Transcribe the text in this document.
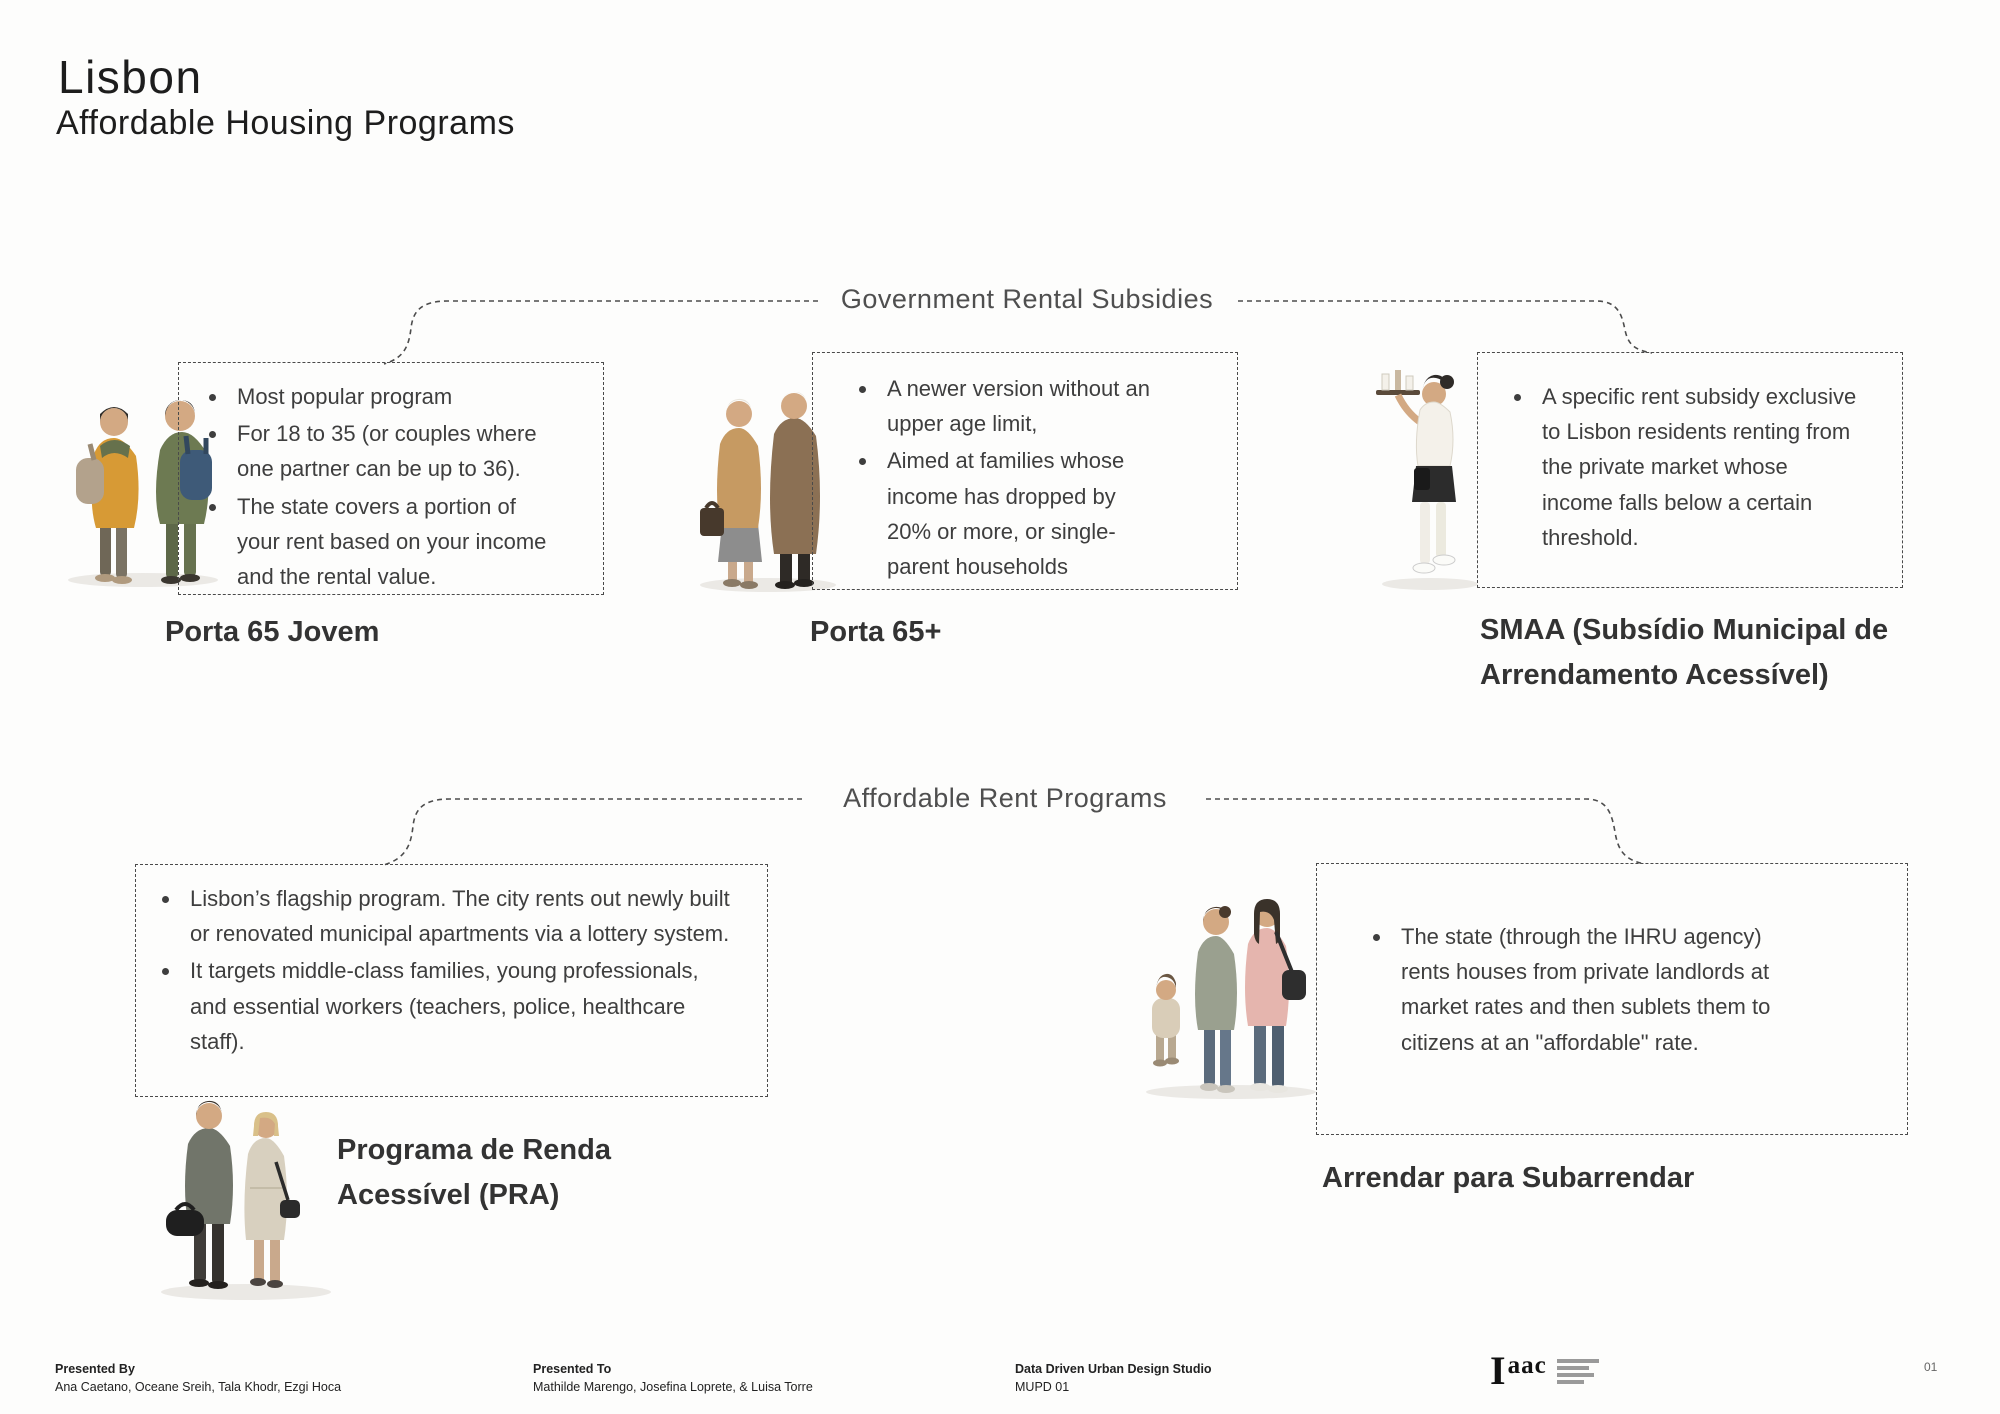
Lisbon
Affordable Housing Programs
Government Rental Subsidies
Affordable Rent Programs
• Most popular program
• For 18 to 35 (or couples where one partner can be up to 36).
• The state covers a portion of your rent based on your income and the rental value.
Porta 65 Jovem
• A newer version without an upper age limit,
• Aimed at families whose income has dropped by 20% or more, or single-parent households
Porta 65+
• A specific rent subsidy exclusive to Lisbon residents renting from the private market whose income falls below a certain threshold.
SMAA (Subsídio Municipal de Arrendamento Acessível)
• Lisbon’s flagship program. The city rents out newly built or renovated municipal apartments via a lottery system.
• It targets middle-class families, young professionals, and essential workers (teachers, police, healthcare staff).
Programa de Renda Acessível (PRA)
• The state (through the IHRU agency) rents houses from private landlords at market rates and then sublets them to citizens at an "affordable" rate.
Arrendar para Subarrendar
Presented By
Ana Caetano, Oceane Sreih, Tala Khodr, Ezgi Hoca
Presented To
Mathilde Marengo, Josefina Loprete, & Luisa Torre
Data Driven Urban Design Studio
MUPD 01	Iaac	01
